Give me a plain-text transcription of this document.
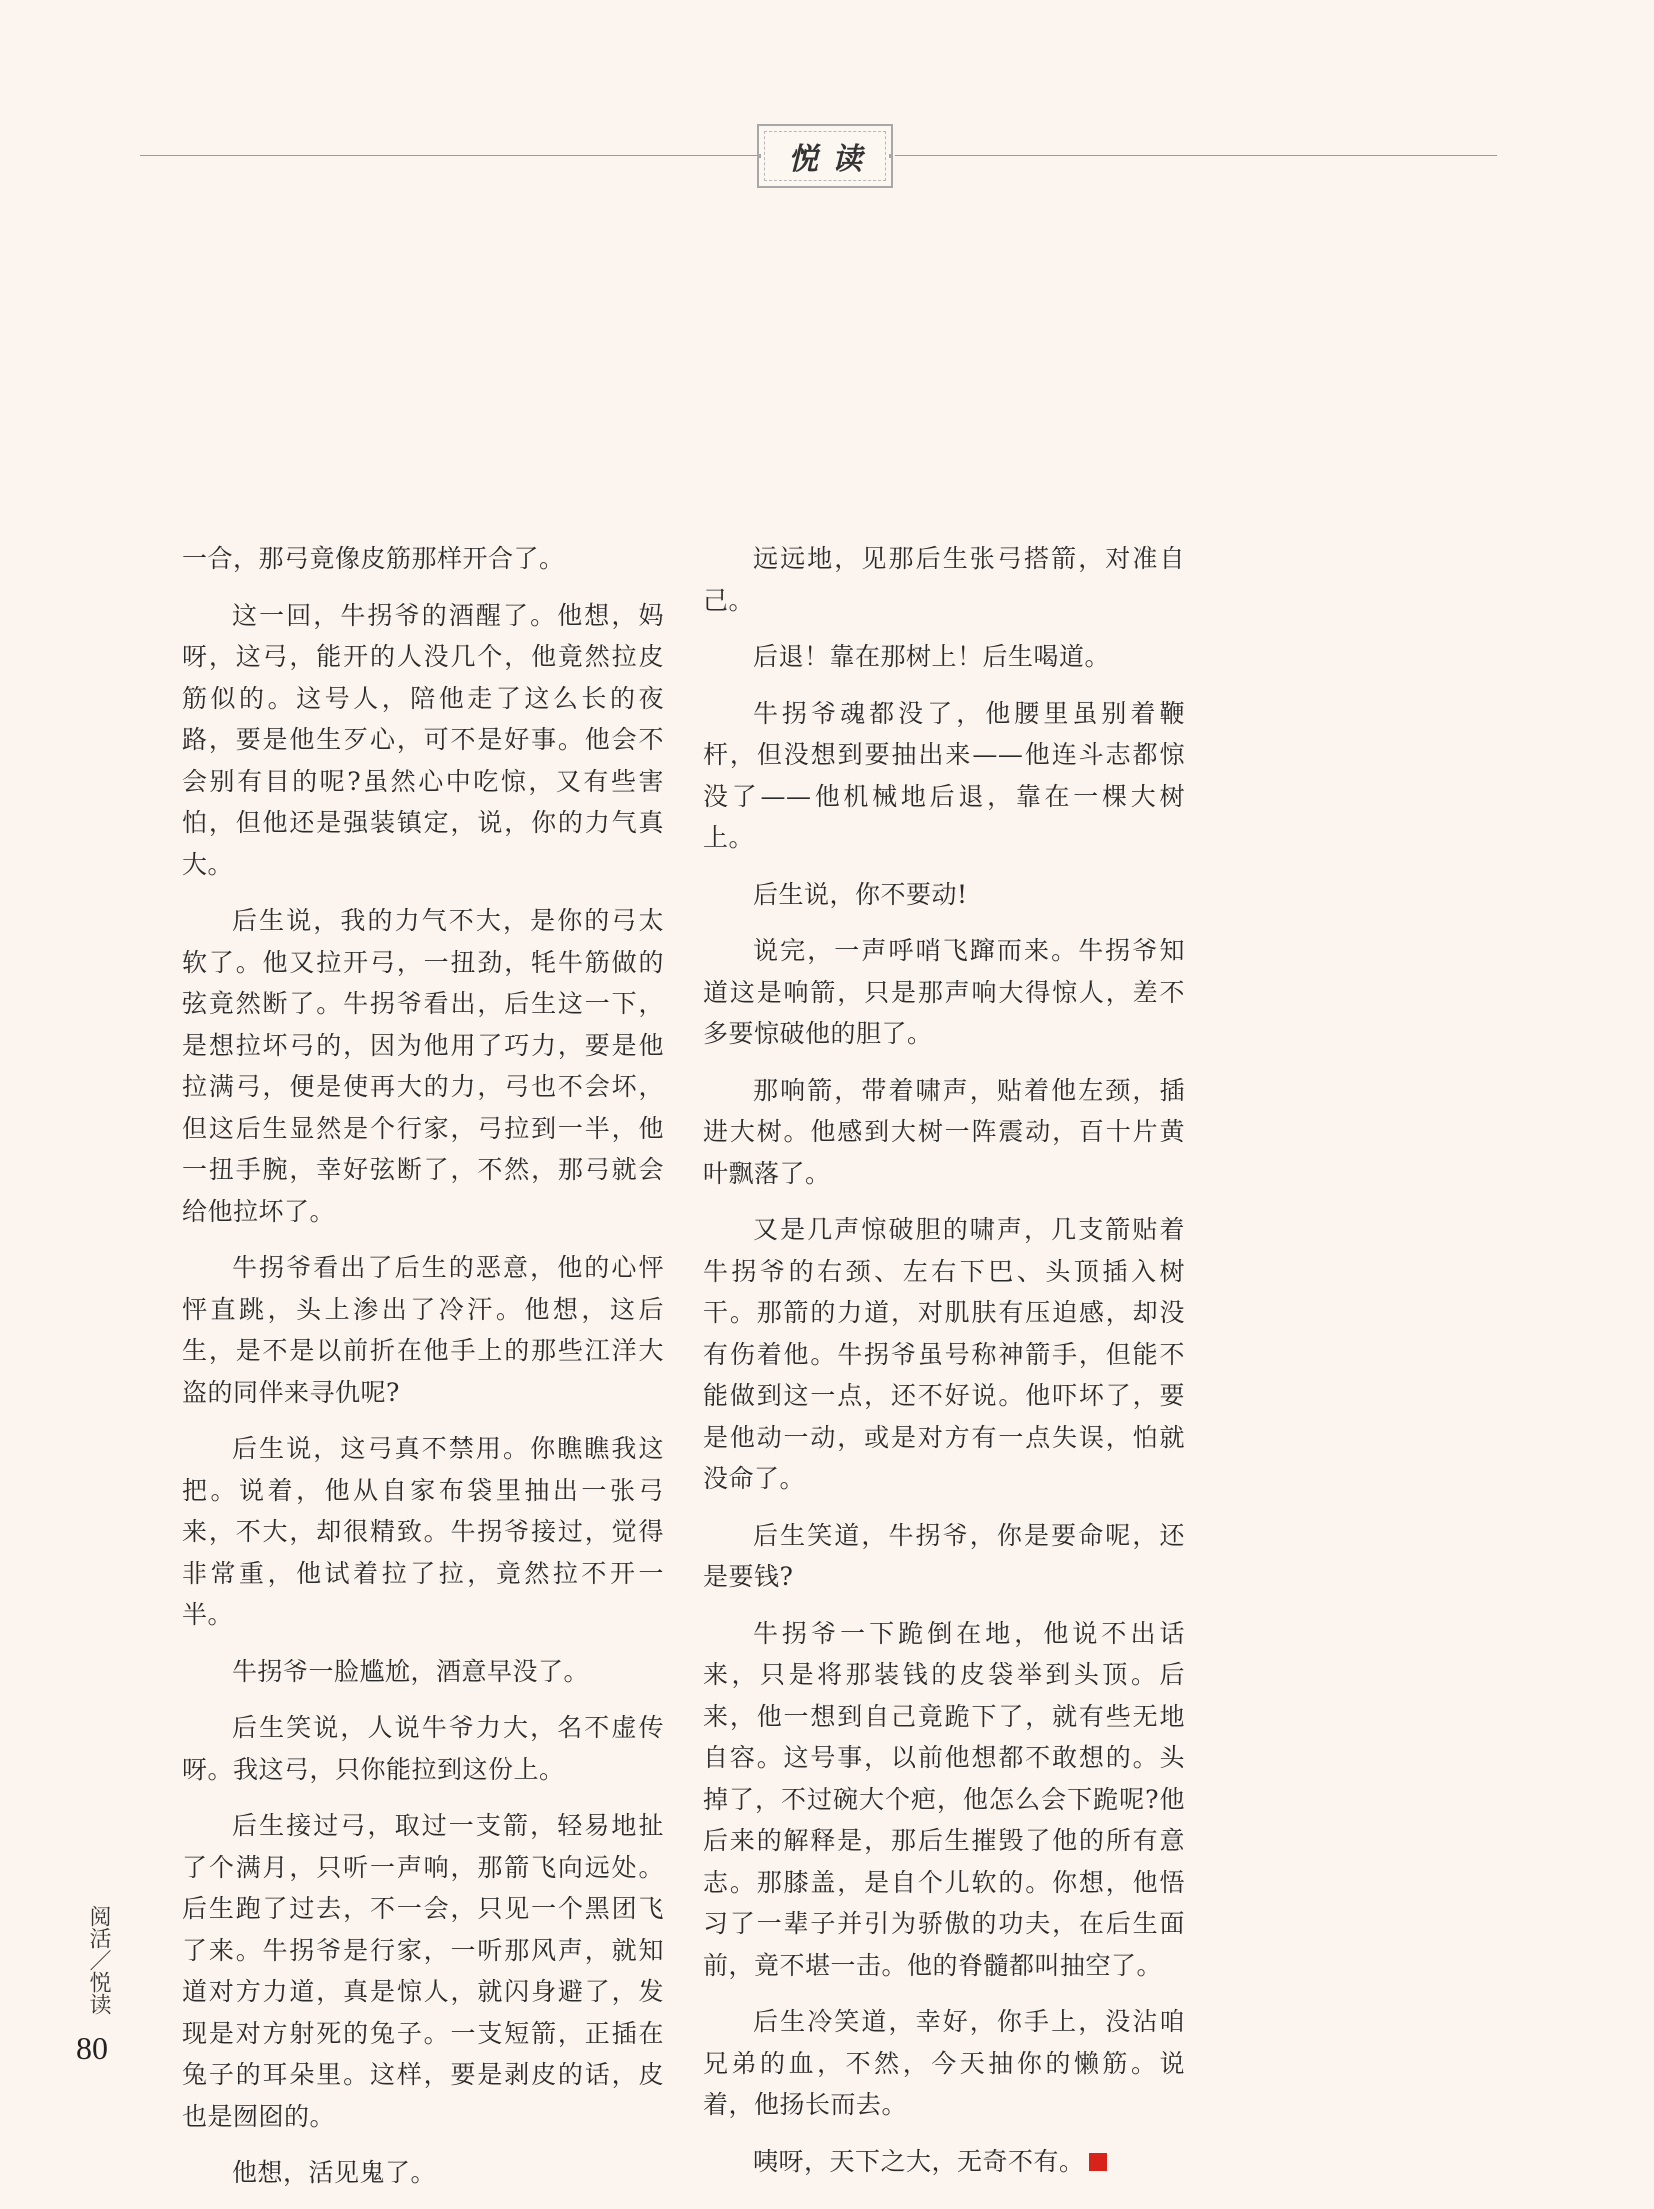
悦读

一合，那弓竟像皮筋那样开合了。

这一回，牛拐爷的酒醒了。他想，妈呀，这弓，能开的人没几个，他竟然拉皮筋似的。这号人，陪他走了这么长的夜路，要是他生歹心，可不是好事。他会不会别有目的呢?虽然心中吃惊，又有些害怕，但他还是强装镇定，说，你的力气真大。

后生说，我的力气不大，是你的弓太软了。他又拉开弓，一扭劲，牦牛筋做的弦竟然断了。牛拐爷看出，后生这一下，是想拉坏弓的，因为他用了巧力，要是他拉满弓，便是使再大的力，弓也不会坏，但这后生显然是个行家，弓拉到一半，他一扭手腕，幸好弦断了，不然，那弓就会给他拉坏了。

牛拐爷看出了后生的恶意，他的心怦怦直跳，头上渗出了冷汗。他想，这后生，是不是以前折在他手上的那些江洋大盗的同伴来寻仇呢?

后生说，这弓真不禁用。你瞧瞧我这把。说着，他从自家布袋里抽出一张弓来，不大，却很精致。牛拐爷接过，觉得非常重，他试着拉了拉，竟然拉不开一半。

牛拐爷一脸尴尬，酒意早没了。

后生笑说，人说牛爷力大，名不虚传呀。我这弓，只你能拉到这份上。

后生接过弓，取过一支箭，轻易地扯了个满月，只听一声响，那箭飞向远处。后生跑了过去，不一会，只见一个黑团飞了来。牛拐爷是行家，一听那风声，就知道对方力道，真是惊人，就闪身避了，发现是对方射死的兔子。一支短箭，正插在兔子的耳朵里。这样，要是剥皮的话，皮也是囫囵的。

他想，活见鬼了。

远远地，见那后生张弓搭箭，对准自己。

后退！靠在那树上！后生喝道。

牛拐爷魂都没了，他腰里虽别着鞭杆，但没想到要抽出来——他连斗志都惊没了——他机械地后退，靠在一棵大树上。

后生说，你不要动!

说完，一声呼哨飞蹿而来。牛拐爷知道这是响箭，只是那声响大得惊人，差不多要惊破他的胆了。

那响箭，带着啸声，贴着他左颈，插进大树。他感到大树一阵震动，百十片黄叶飘落了。

又是几声惊破胆的啸声，几支箭贴着牛拐爷的右颈、左右下巴、头顶插入树干。那箭的力道，对肌肤有压迫感，却没有伤着他。牛拐爷虽号称神箭手，但能不能做到这一点，还不好说。他吓坏了，要是他动一动，或是对方有一点失误，怕就没命了。

后生笑道，牛拐爷，你是要命呢，还是要钱?

牛拐爷一下跪倒在地，他说不出话来，只是将那装钱的皮袋举到头顶。后来，他一想到自己竟跪下了，就有些无地自容。这号事，以前他想都不敢想的。头掉了，不过碗大个疤，他怎么会下跪呢?他后来的解释是，那后生摧毁了他的所有意志。那膝盖，是自个儿软的。你想，他悟习了一辈子并引为骄傲的功夫，在后生面前，竟不堪一击。他的脊髓都叫抽空了。

后生冷笑道，幸好，你手上，没沾咱兄弟的血，不然，今天抽你的懒筋。说着，他扬长而去。

咦呀，天下之大，无奇不有。

阅活／悦读
80
